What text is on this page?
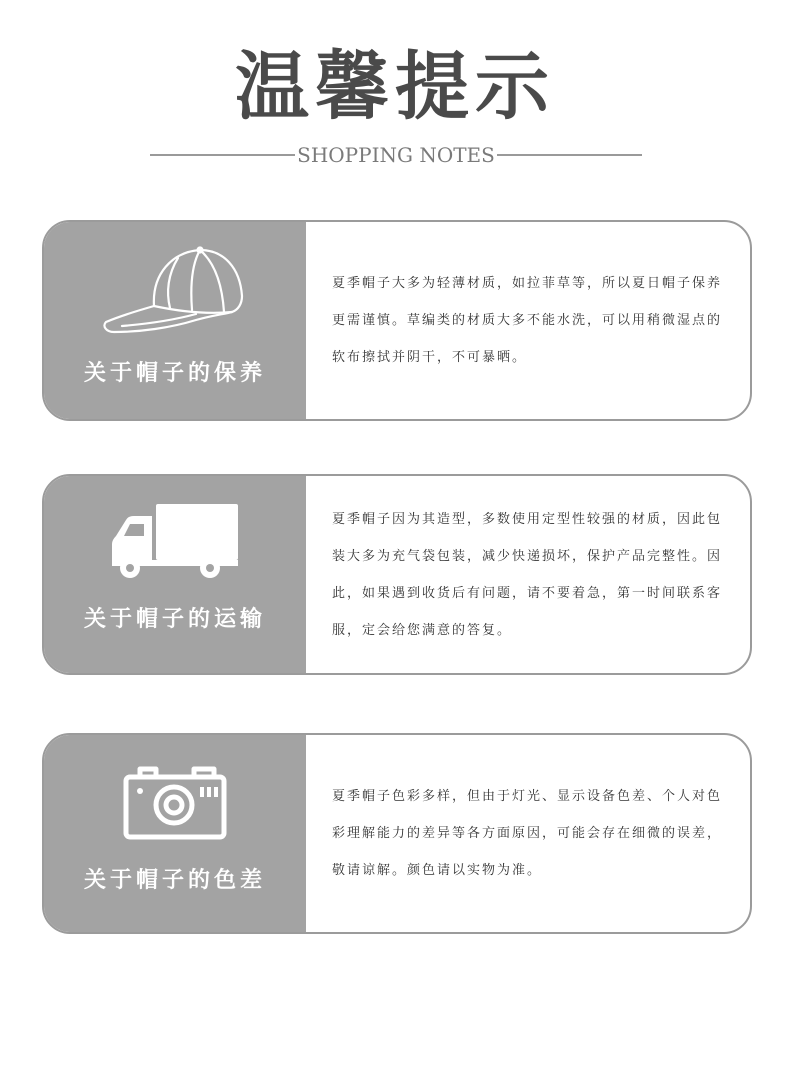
温馨提示
SHOPPING NOTES
关于帽子的保养

夏季帽子大多为轻薄材质，如拉菲草等，所以夏日帽子保养更需谨慎。草编类的材质大多不能水洗，可以用稍微湿点的软布擦拭并阴干，不可暴晒。

关于帽子的运输

夏季帽子因为其造型，多数使用定型性较强的材质，因此包装大多为充气袋包装，减少快递损坏，保护产品完整性。因此，如果遇到收货后有问题，请不要着急，第一时间联系客服，定会给您满意的答复。

关于帽子的色差

夏季帽子色彩多样，但由于灯光、显示设备色差、个人对色彩理解能力的差异等各方面原因，可能会存在细微的误差，敬请谅解。颜色请以实物为准。
